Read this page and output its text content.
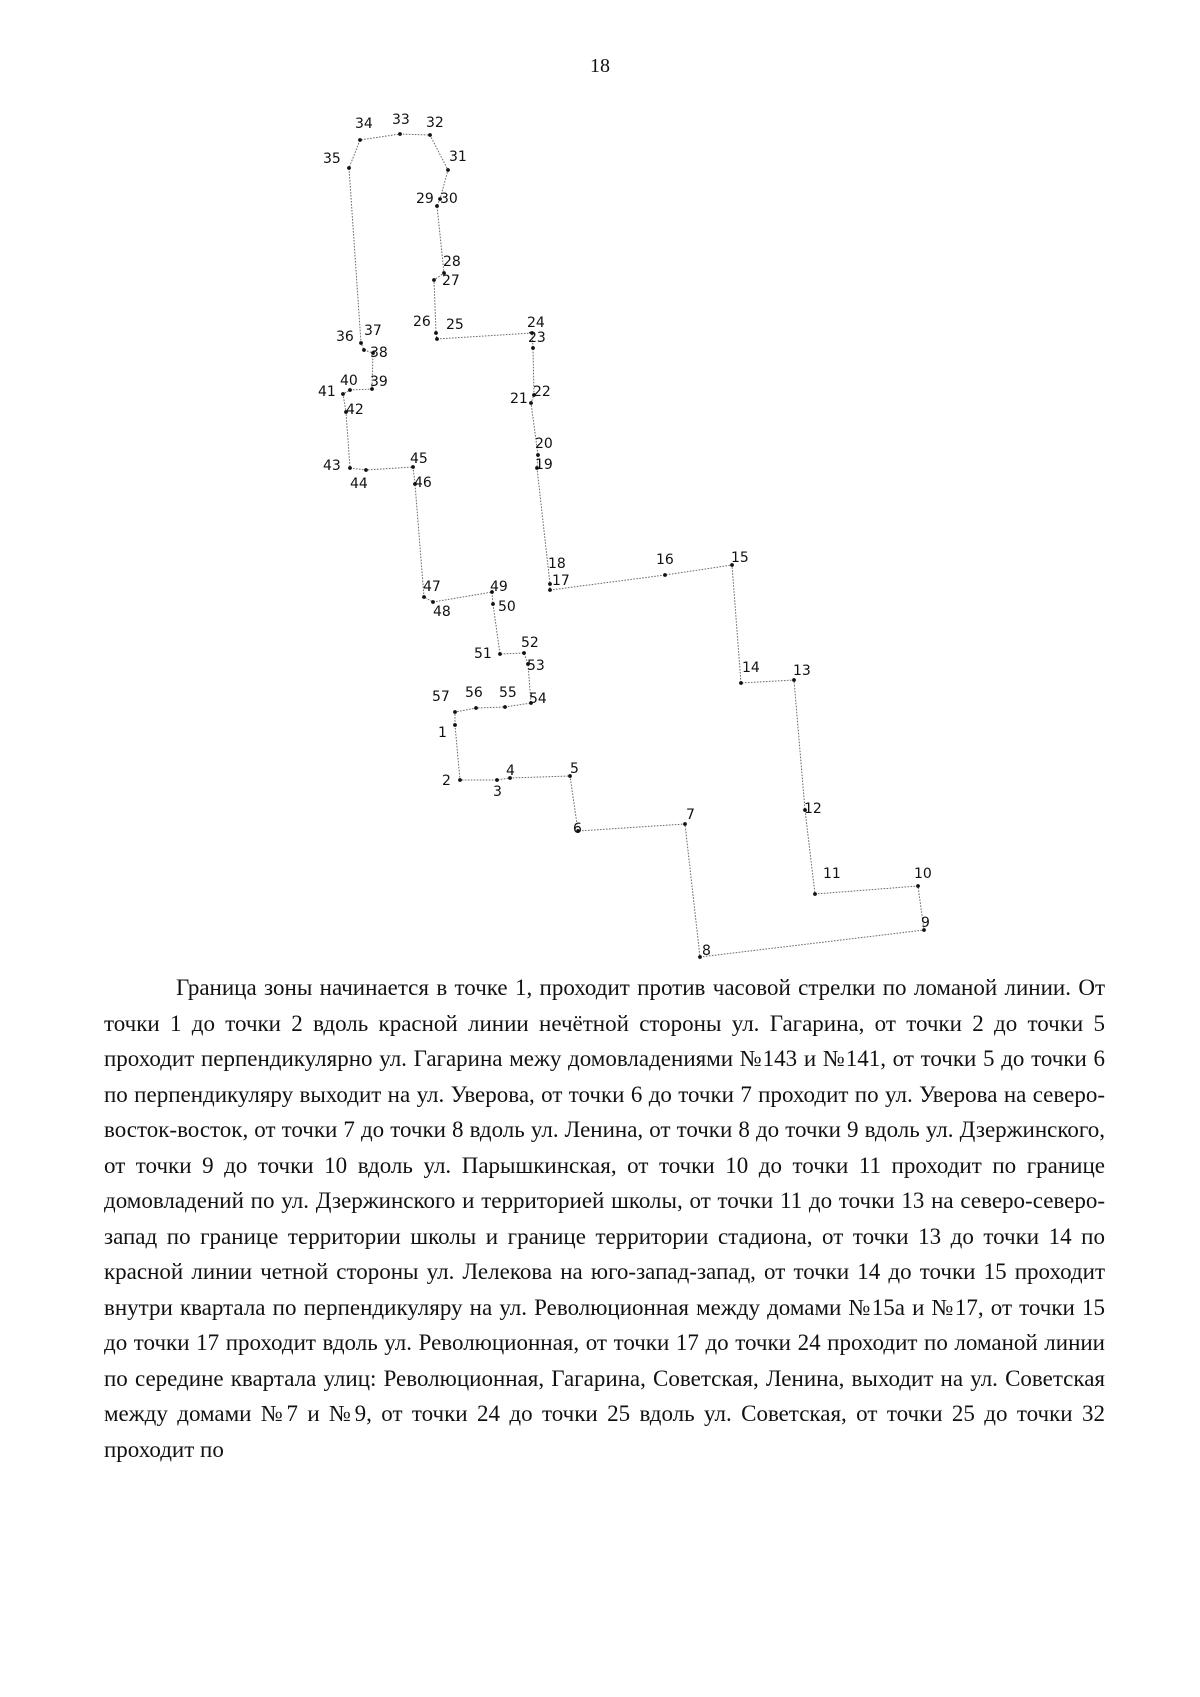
18
1
2
3
4	5
6
7
8
9
10
11
12
13
14
15
16
17
18
19
20
21 22
23
24
25
26
27
28
29 30
31
32
33
34
35
36 37
38
39
40
41
42
43
44
45
46
47
48
49
50
51
52
53
54
55
56
57

Граница зоны начинается в точке 1, проходит против часовой стрелки по ломаной линии. От точки 1 до точки 2 вдоль красной линии нечётной стороны ул. Гагарина, от точки 2 до точки 5 проходит перпендикулярно ул. Гагарина межу домовладениями №143 и №141, от точки 5 до точки 6 по перпендикуляру выходит на ул. Уверова, от точки 6 до точки 7 проходит по ул. Уверова на северо-восток-восток, от точки 7 до точки 8 вдоль ул. Ленина, от точки 8 до точки 9 вдоль ул. Дзержинского, от точки 9 до точки 10 вдоль ул. Парышкинская, от точки 10 до точки 11 проходит по границе домовладений по ул. Дзержинского и территорией школы, от точки 11 до точки 13 на северо-северо-запад по границе территории школы и границе территории стадиона, от точки 13 до точки 14 по красной линии четной стороны ул. Лелекова на юго-запад-запад, от точки 14 до точки 15 проходит внутри квартала по перпендикуляру на ул. Революционная между домами №15а и №17, от точки 15 до точки 17 проходит вдоль ул. Революционная, от точки 17 до точки 24 проходит по ломаной линии по середине квартала улиц: Революционная, Гагарина, Советская, Ленина, выходит на ул. Советская между домами №7 и №9, от точки 24 до точки 25 вдоль ул. Советская, от точки 25 до точки 32 проходит по
